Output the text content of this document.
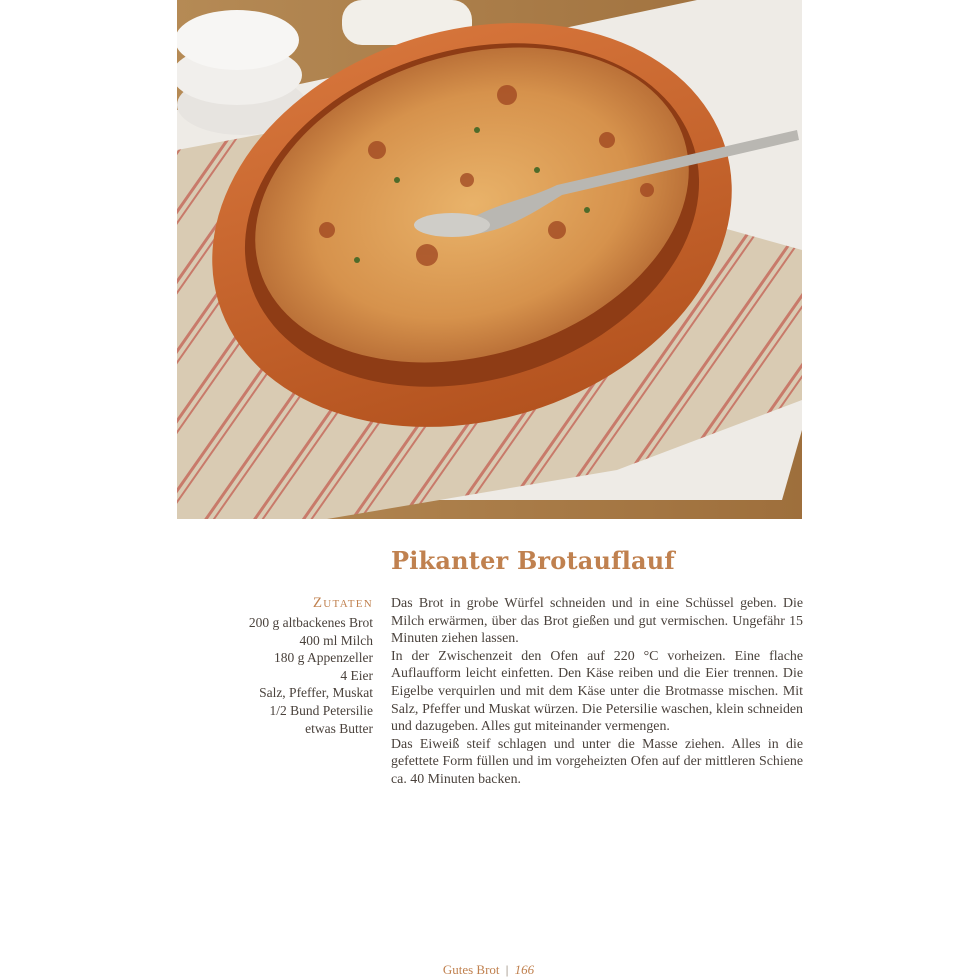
Pikanter Brotauflauf
Zutaten
200 g altbackenes Brot
400 ml Milch
180 g Appenzeller
4 Eier
Salz, Pfeffer, Muskat
1/2 Bund Petersilie
etwas Butter

Das Brot in grobe Würfel schneiden und in eine Schüssel geben. Die Milch erwärmen, über das Brot gießen und gut vermischen. Ungefähr 15 Minuten ziehen lassen.

In der Zwischenzeit den Ofen auf 220 °C vorheizen. Eine flache Auflaufform leicht einfetten. Den Käse reiben und die Eier trennen. Die Eigelbe verquirlen und mit dem Käse unter die Brotmasse mischen. Mit Salz, Pfeffer und Muskat würzen. Die Petersilie waschen, klein schneiden und dazugeben. Alles gut miteinander vermengen.

Das Eiweiß steif schlagen und unter die Masse ziehen. Alles in die gefettete Form füllen und im vorgeheizten Ofen auf der mittleren Schiene ca. 40 Minuten backen.

Gutes Brot | 166
